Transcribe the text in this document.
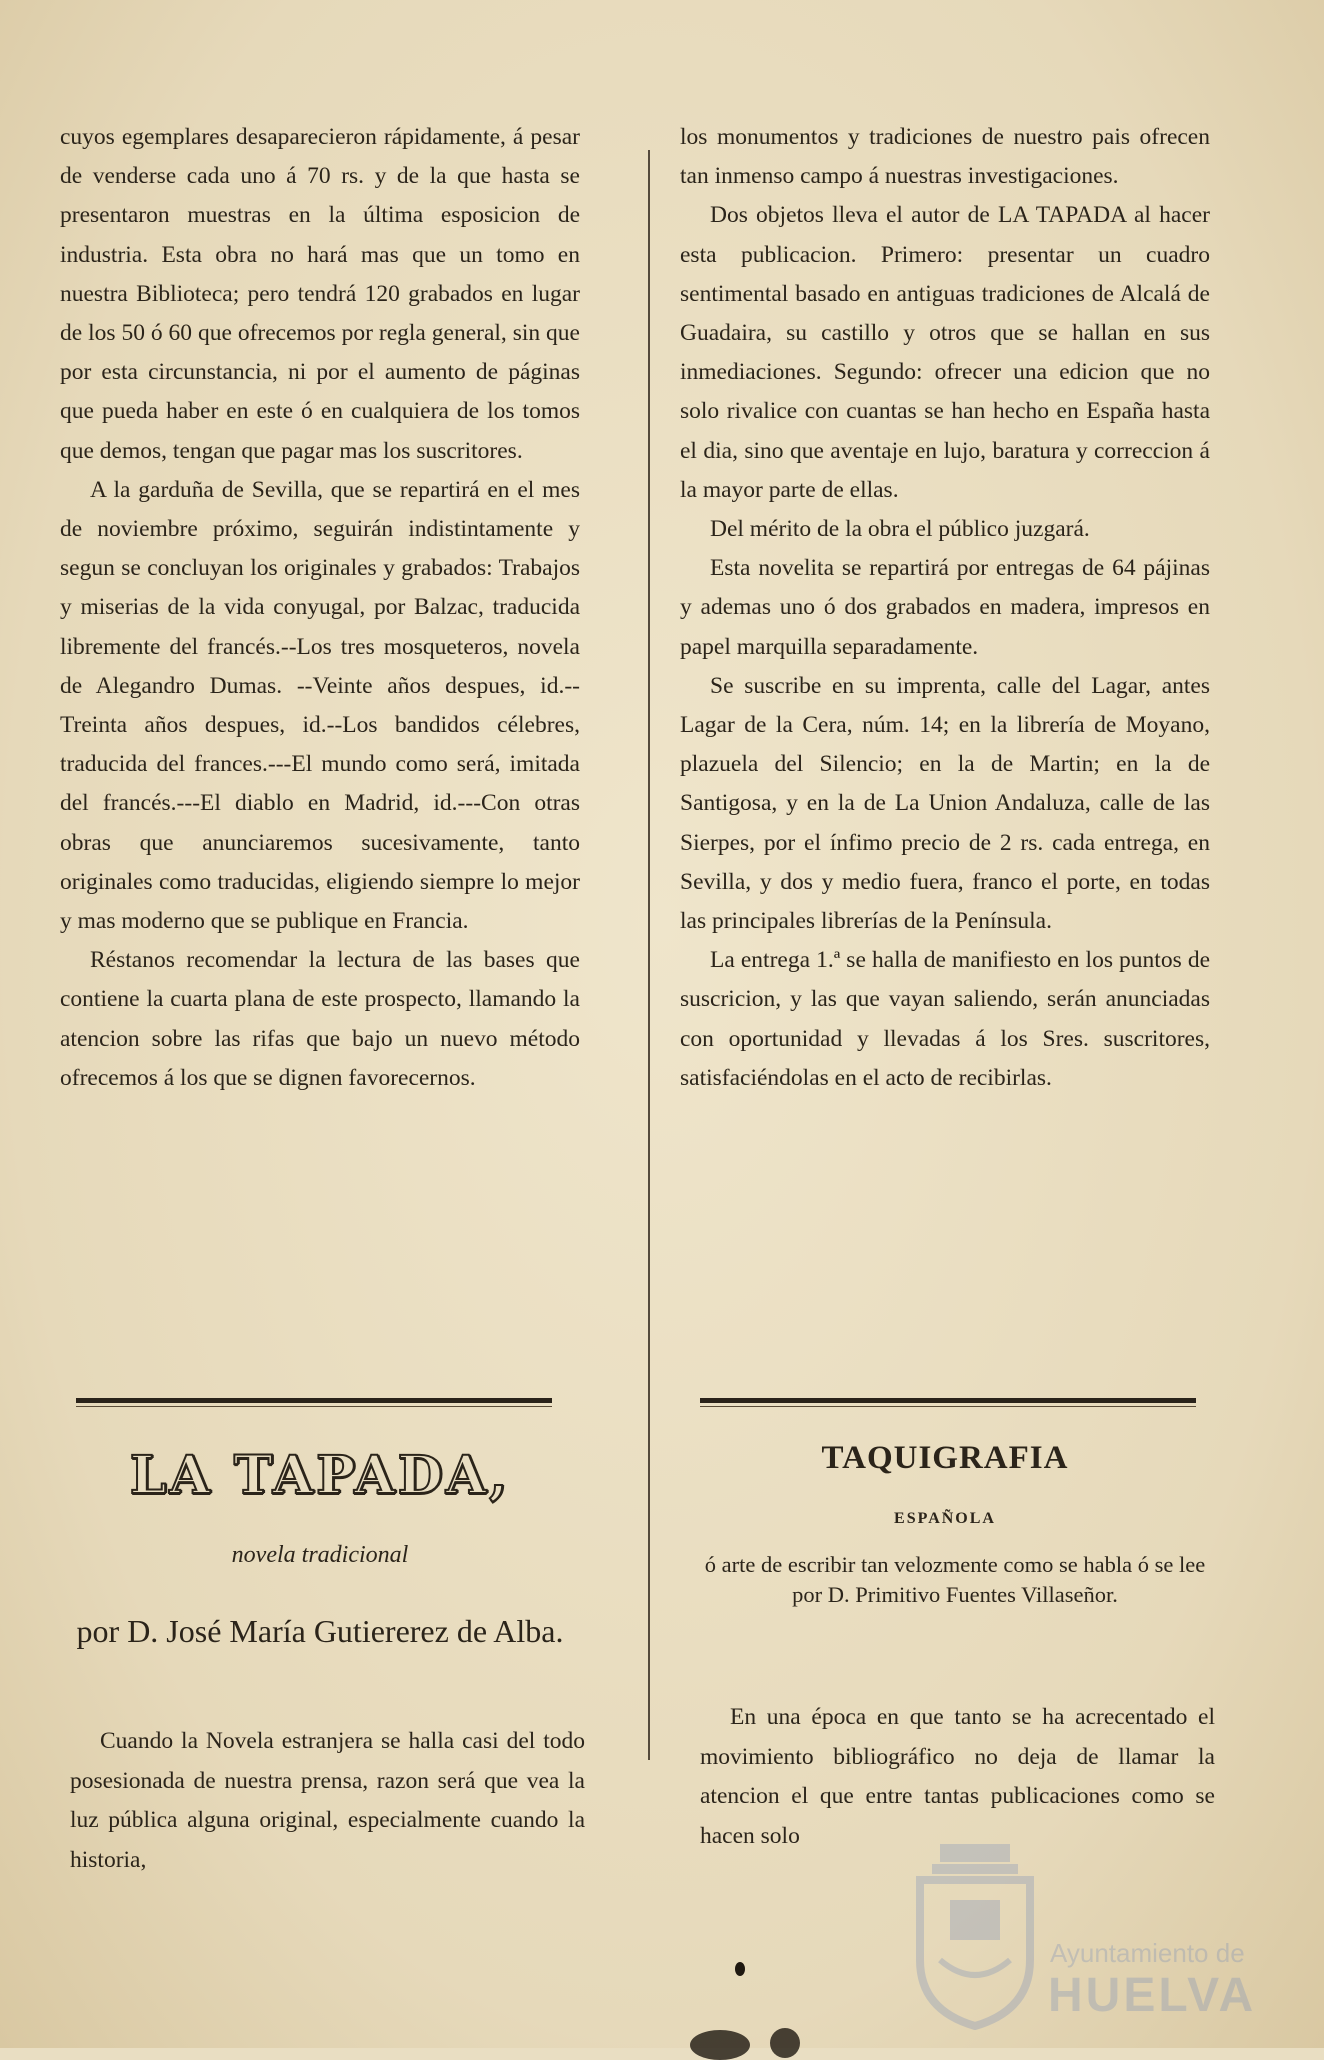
cuyos egemplares desaparecieron rápidamente, á pesar de venderse cada uno á 70 rs. y de la que hasta se presentaron muestras en la última esposicion de industria. Esta obra no hará mas que un tomo en nuestra Biblioteca; pero tendrá 120 grabados en lugar de los 50 ó 60 que ofrecemos por regla general, sin que por esta circunstancia, ni por el aumento de páginas que pueda haber en este ó en cualquiera de los tomos que demos, tengan que pagar mas los suscritores.

A la garduña de Sevilla, que se repartirá en el mes de noviembre próximo, seguirán indistintamente y segun se concluyan los originales y grabados: Trabajos y miserias de la vida conyugal, por Balzac, traducida libremente del francés.--Los tres mosqueteros, novela de Alegandro Dumas. --Veinte años despues, id.--Treinta años despues, id.--Los bandidos célebres, traducida del frances.---El mundo como será, imitada del francés.---El diablo en Madrid, id.---Con otras obras que anunciaremos sucesivamente, tanto originales como traducidas, eligiendo siempre lo mejor y mas moderno que se publique en Francia.

Réstanos recomendar la lectura de las bases que contiene la cuarta plana de este prospecto, llamando la atencion sobre las rifas que bajo un nuevo método ofrecemos á los que se dignen favorecernos.

LA TAPADA,
novela tradicional
por D. José María Gutiererez de Alba.

Cuando la Novela estranjera se halla casi del todo posesionada de nuestra prensa, razon será que vea la luz pública alguna original, especialmente cuando la historia,

los monumentos y tradiciones de nuestro pais ofrecen tan inmenso campo á nuestras investigaciones.

Dos objetos lleva el autor de LA TAPADA al hacer esta publicacion. Primero: presentar un cuadro sentimental basado en antiguas tradiciones de Alcalá de Guadaira, su castillo y otros que se hallan en sus inmediaciones. Segundo: ofrecer una edicion que no solo rivalice con cuantas se han hecho en España hasta el dia, sino que aventaje en lujo, baratura y correccion á la mayor parte de ellas.

Del mérito de la obra el público juzgará.

Esta novelita se repartirá por entregas de 64 pájinas y ademas uno ó dos grabados en madera, impresos en papel marquilla separadamente.

Se suscribe en su imprenta, calle del Lagar, antes Lagar de la Cera, núm. 14; en la librería de Moyano, plazuela del Silencio; en la de Martin; en la de Santigosa, y en la de La Union Andaluza, calle de las Sierpes, por el ínfimo precio de 2 rs. cada entrega, en Sevilla, y dos y medio fuera, franco el porte, en todas las principales librerías de la Península.

La entrega 1.ª se halla de manifiesto en los puntos de suscricion, y las que vayan saliendo, serán anunciadas con oportunidad y llevadas á los Sres. suscritores, satisfaciéndolas en el acto de recibirlas.

TAQUIGRAFIA
ESPAÑOLA
ó arte de escribir tan velozmente como se habla ó se lee por D. Primitivo Fuentes Villaseñor.

En una época en que tanto se ha acrecentado el movimiento bibliográfico no deja de llamar la atencion el que entre tantas publicaciones como se hacen solo

Ayuntamiento de
HUELVA
